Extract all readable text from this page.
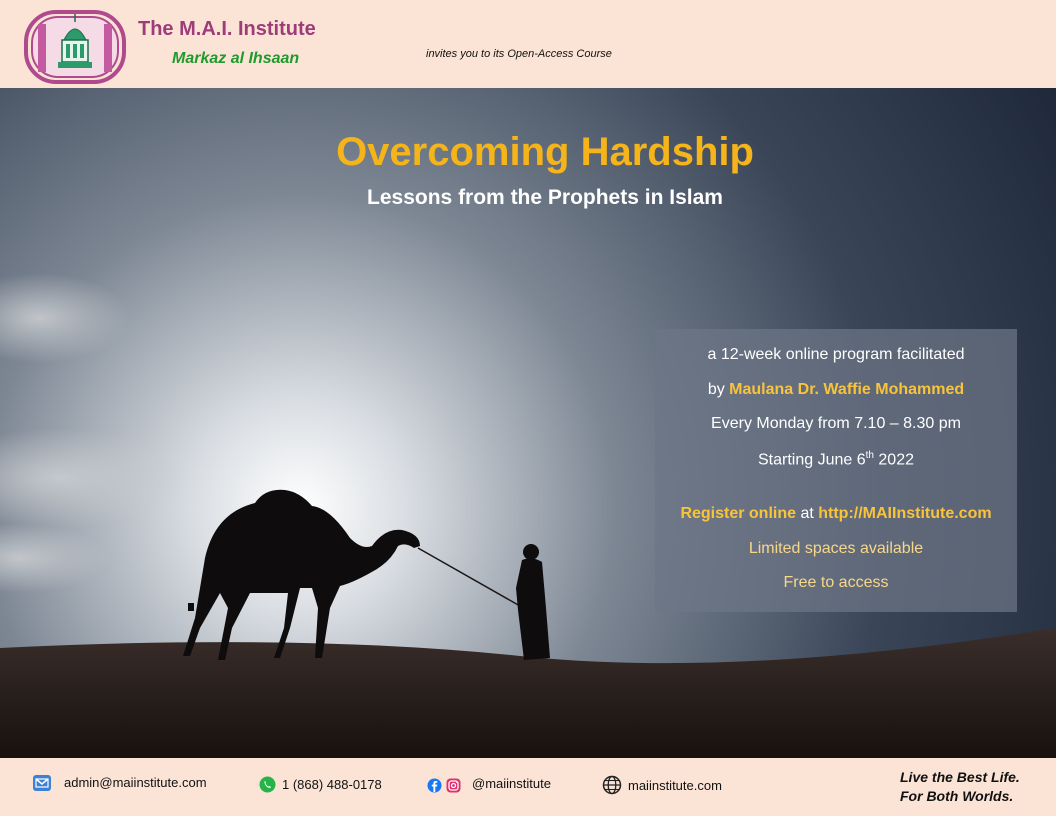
The M.A.I. Institute
Markaz al Ihsaan	invites you to its Open-Access Course
Overcoming Hardship
Lessons from the Prophets in Islam
a 12-week online program facilitated
by Maulana Dr. Waffie Mohammed
Every Monday from 7.10 – 8.30 pm
Starting June 6th 2022
Register online at http://MAIInstitute.com
Limited spaces available
Free to access
admin@maiinstitute.com	1 (868) 488-0178	@maiinstitute	maiinstitute.com
Live the Best Life.
For Both Worlds.
